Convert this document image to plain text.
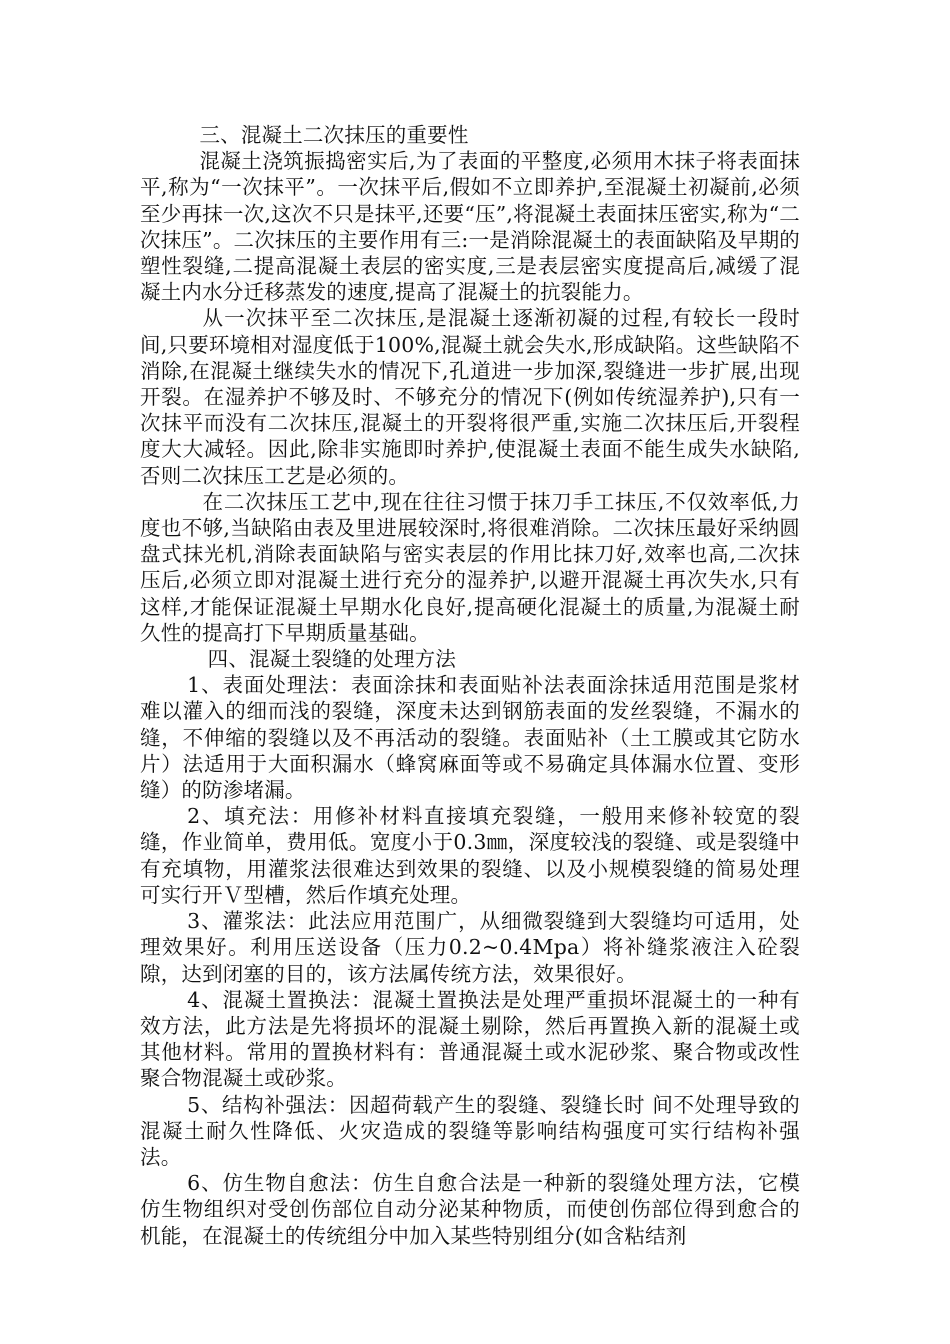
三、混凝土二次抹压的重要性

混凝土浇筑振捣密实后,为了表面的平整度,必须用木抹子将表面抹平,称为“一次抹平”。一次抹平后,假如不立即养护,至混凝土初凝前,必须至少再抹一次,这次不只是抹平,还要“压”,将混凝土表面抹压密实,称为“二次抹压”。二次抹压的主要作用有三:一是消除混凝土的表面缺陷及早期的塑性裂缝,二提高混凝土表层的密实度,三是表层密实度提高后,减缓了混凝土内水分迁移蒸发的速度,提高了混凝土的抗裂能力。

从一次抹平至二次抹压,是混凝土逐渐初凝的过程,有较长一段时间,只要环境相对湿度低于100%,混凝土就会失水,形成缺陷。这些缺陷不消除,在混凝土继续失水的情况下,孔道进一步加深,裂缝进一步扩展,出现开裂。在湿养护不够及时、不够充分的情况下(例如传统湿养护),只有一次抹平而没有二次抹压,混凝土的开裂将很严重,实施二次抹压后,开裂程度大大减轻。因此,除非实施即时养护,使混凝土表面不能生成失水缺陷,否则二次抹压工艺是必须的。

在二次抹压工艺中,现在往往习惯于抹刀手工抹压,不仅效率低,力度也不够,当缺陷由表及里进展较深时,将很难消除。二次抹压最好采纳圆盘式抹光机,消除表面缺陷与密实表层的作用比抹刀好,效率也高,二次抹压后,必须立即对混凝土进行充分的湿养护,以避开混凝土再次失水,只有这样,才能保证混凝土早期水化良好,提高硬化混凝土的质量,为混凝土耐久性的提高打下早期质量基础。

四、混凝土裂缝的处理方法

1、表面处理法：表面涂抹和表面贴补法表面涂抹适用范围是浆材难以灌入的细而浅的裂缝，深度未达到钢筋表面的发丝裂缝，不漏水的缝，不伸缩的裂缝以及不再活动的裂缝。表面贴补（土工膜或其它防水片）法适用于大面积漏水（蜂窝麻面等或不易确定具体漏水位置、变形缝）的防渗堵漏。

2、填充法：用修补材料直接填充裂缝，一般用来修补较宽的裂缝，作业简单，费用低。宽度小于0.3㎜，深度较浅的裂缝、或是裂缝中有充填物，用灌浆法很难达到效果的裂缝、以及小规模裂缝的简易处理可实行开Ｖ型槽，然后作填充处理。

3、灌浆法：此法应用范围广，从细微裂缝到大裂缝均可适用，处理效果好。利用压送设备（压力0.2~0.4Mpa）将补缝浆液注入砼裂隙，达到闭塞的目的，该方法属传统方法，效果很好。

4、混凝土置换法：混凝土置换法是处理严重损坏混凝土的一种有效方法，此方法是先将损坏的混凝土剔除，然后再置换入新的混凝土或其他材料。常用的置换材料有：普通混凝土或水泥砂浆、聚合物或改性聚合物混凝土或砂浆。

5、结构补强法：因超荷载产生的裂缝、裂缝长时 间不处理导致的混凝土耐久性降低、火灾造成的裂缝等影响结构强度可实行结构补强法。

6、仿生物自愈法：仿生自愈合法是一种新的裂缝处理方法，它模仿生物组织对受创伤部位自动分泌某种物质，而使创伤部位得到愈合的机能，在混凝土的传统组分中加入某些特别组分(如含粘结剂
